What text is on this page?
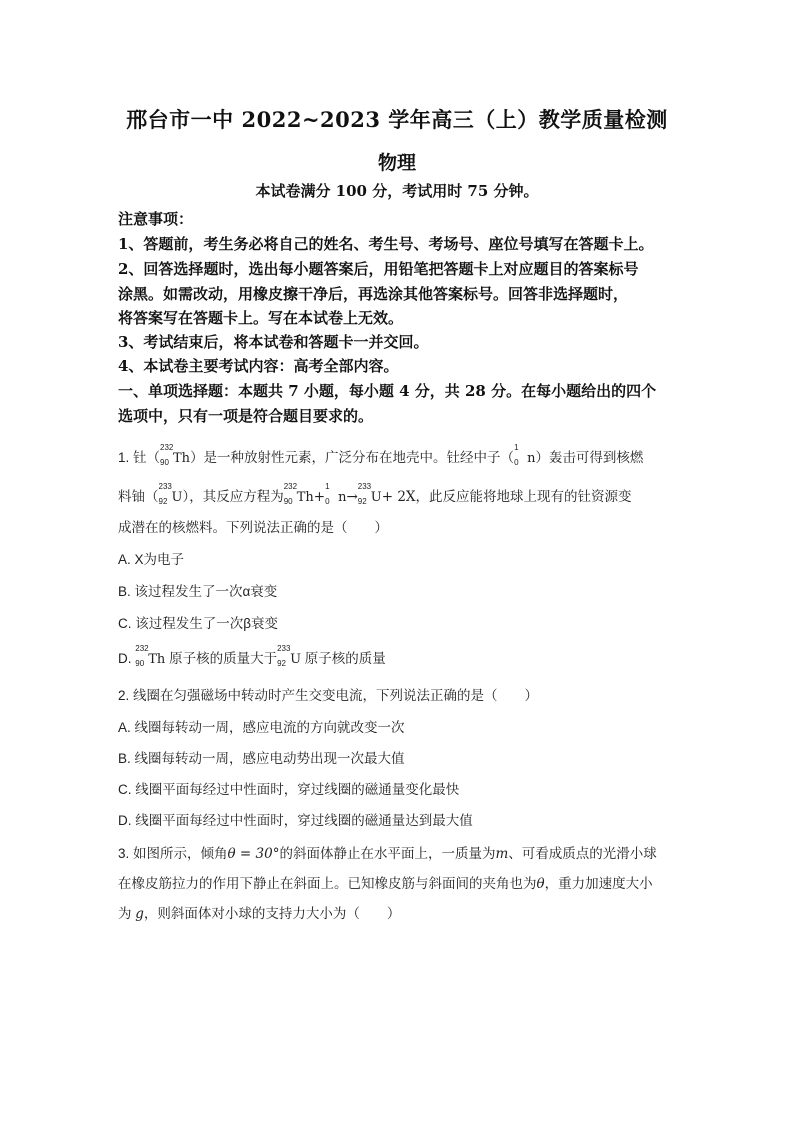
邢台市一中 2022~2023 学年高三（上）教学质量检测
物理
本试卷满分 100 分，考试用时 75 分钟。
注意事项：
1、答题前，考生务必将自己的姓名、考生号、考场号、座位号填写在答题卡上。
2、回答选择题时，选出每小题答案后，用铅笔把答题卡上对应题目的答案标号
涂黑。如需改动，用橡皮擦干净后，再选涂其他答案标号。回答非选择题时，
将答案写在答题卡上。写在本试卷上无效。
3、考试结束后，将本试卷和答题卡一并交回。
4、本试卷主要考试内容：高考全部内容。
一、单项选择题：本题共 7 小题，每小题 4 分，共 28 分。在每小题给出的四个
选项中，只有一项是符合题目要求的。
1. 钍（
232
90 Th）是一种放射性元素，广泛分布在地壳中。钍经中子（
1
0 n）轰击可得到核燃
料铀（
233
92 U），其反应方程为
232
90 Th+
1
0 n→
233
92 U+ 2X，此反应能将地球上现有的钍资源变
成潜在的核燃料。下列说法正确的是（　　）
A. X为电子
B. 该过程发生了一次α衰变
C. 该过程发生了一次β衰变
D.
232
90 Th 原子核的质量大于
233
92 U 原子核的质量
2. 线圈在匀强磁场中转动时产生交变电流，下列说法正确的是（　　）
A. 线圈每转动一周，感应电流的方向就改变一次
B. 线圈每转动一周，感应电动势出现一次最大值
C. 线圈平面每经过中性面时，穿过线圈的磁通量变化最快
D. 线圈平面每经过中性面时，穿过线圈的磁通量达到最大值
3. 如图所示，倾角θ = 30°的斜面体静止在水平面上，一质量为m、可看成质点的光滑小球
在橡皮筋拉力的作用下静止在斜面上。已知橡皮筋与斜面间的夹角也为θ，重力加速度大小
为 g，则斜面体对小球的支持力大小为（　　）
